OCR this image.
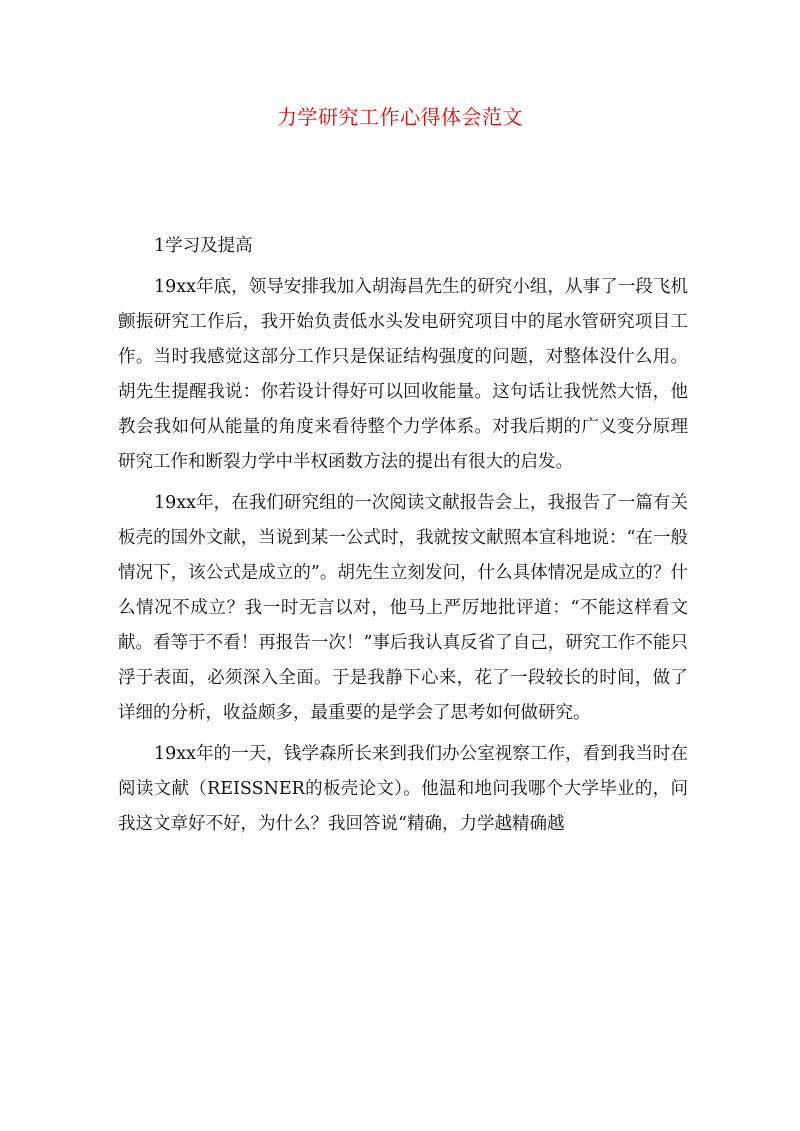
力学研究工作心得体会范文

1学习及提高

19xx年底，领导安排我加入胡海昌先生的研究小组，从事了一段飞机颤振研究工作后，我开始负责低水头发电研究项目中的尾水管研究项目工作。当时我感觉这部分工作只是保证结构强度的问题，对整体没什么用。胡先生提醒我说：你若设计得好可以回收能量。这句话让我恍然大悟，他教会我如何从能量的角度来看待整个力学体系。对我后期的广义变分原理研究工作和断裂力学中半权函数方法的提出有很大的启发。

19xx年，在我们研究组的一次阅读文献报告会上，我报告了一篇有关板壳的国外文献，当说到某一公式时，我就按文献照本宣科地说：“在一般情况下，该公式是成立的”。胡先生立刻发问，什么具体情况是成立的？什么情况不成立？我一时无言以对，他马上严厉地批评道：“不能这样看文献。看等于不看！再报告一次！”事后我认真反省了自己，研究工作不能只浮于表面，必须深入全面。于是我静下心来，花了一段较长的时间，做了详细的分析，收益颇多，最重要的是学会了思考如何做研究。

19xx年的一天，钱学森所长来到我们办公室视察工作，看到我当时在阅读文献（REISSNER的板壳论文）。他温和地问我哪个大学毕业的，问我这文章好不好，为什么？我回答说“精确，力学越精确越
